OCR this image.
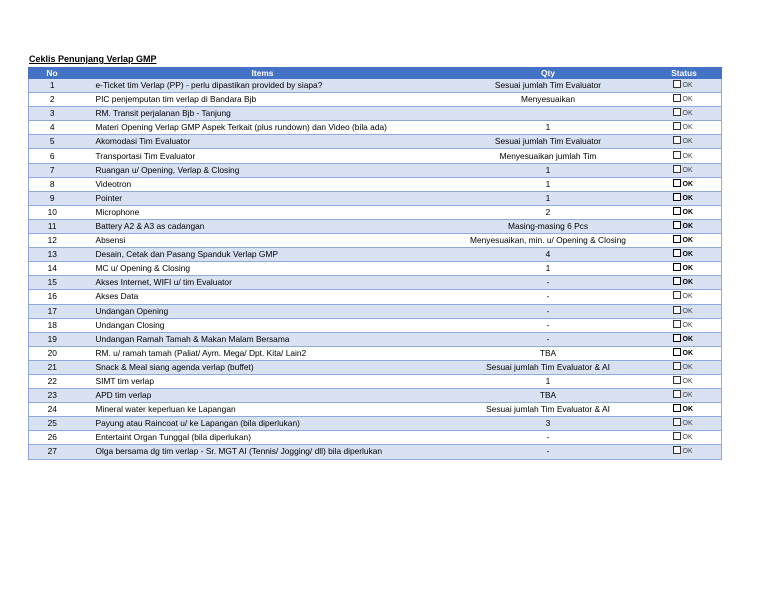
Ceklis Penunjang Verlap GMP
No	Items	Qty	Status
1	e-Ticket tim Verlap (PP) - perlu dipastikan provided by siapa?	Sesuai jumlah Tim Evaluator	OK
2	PIC penjemputan tim verlap di Bandara Bjb	Menyesuaikan	OK
3	RM. Transit perjalanan Bjb - Tanjung		OK
4	Materi Opening Verlap GMP Aspek Terkait (plus rundown) dan Video (bila ada)	1	OK
5	Akomodasi Tim Evaluator	Sesuai jumlah Tim Evaluator	OK
6	Transportasi Tim Evaluator	Menyesuaikan jumlah Tim	OK
7	Ruangan u/ Opening, Verlap & Closing	1	OK
8	Videotron	1	OK
9	Pointer	1	OK
10	Microphone	2	OK
11	Battery A2 & A3 as cadangan	Masing-masing 6 Pcs	OK
12	Absensi	Menyesuaikan, min. u/ Opening & Closing	OK
13	Desain, Cetak dan Pasang Spanduk Verlap GMP	4	OK
14	MC u/ Opening & Closing	1	OK
15	Akses Internet, WIFI u/ tim Evaluator	-	OK
16	Akses Data	-	OK
17	Undangan Opening	-	OK
18	Undangan Closing	-	OK
19	Undangan Ramah Tamah & Makan Malam Bersama	-	OK
20	RM. u/ ramah tamah (Paliat/ Aym. Mega/ Dpt. Kita/ Lain2	TBA	OK
21	Snack & Meal siang agenda verlap (buffet)	Sesuai jumlah Tim Evaluator & AI	OK
22	SIMT tim verlap	1	OK
23	APD tim verlap	TBA	OK
24	Mineral water keperluan ke Lapangan	Sesuai jumlah Tim Evaluator & AI	OK
25	Payung atau Raincoat u/ ke Lapangan (bila diperlukan)	3	OK
26	Entertaint Organ Tunggal (bila diperlukan)	-	OK
27	Olga bersama dg tim verlap - Sr. MGT AI (Tennis/ Jogging/ dll) bila diperlukan	-	OK
